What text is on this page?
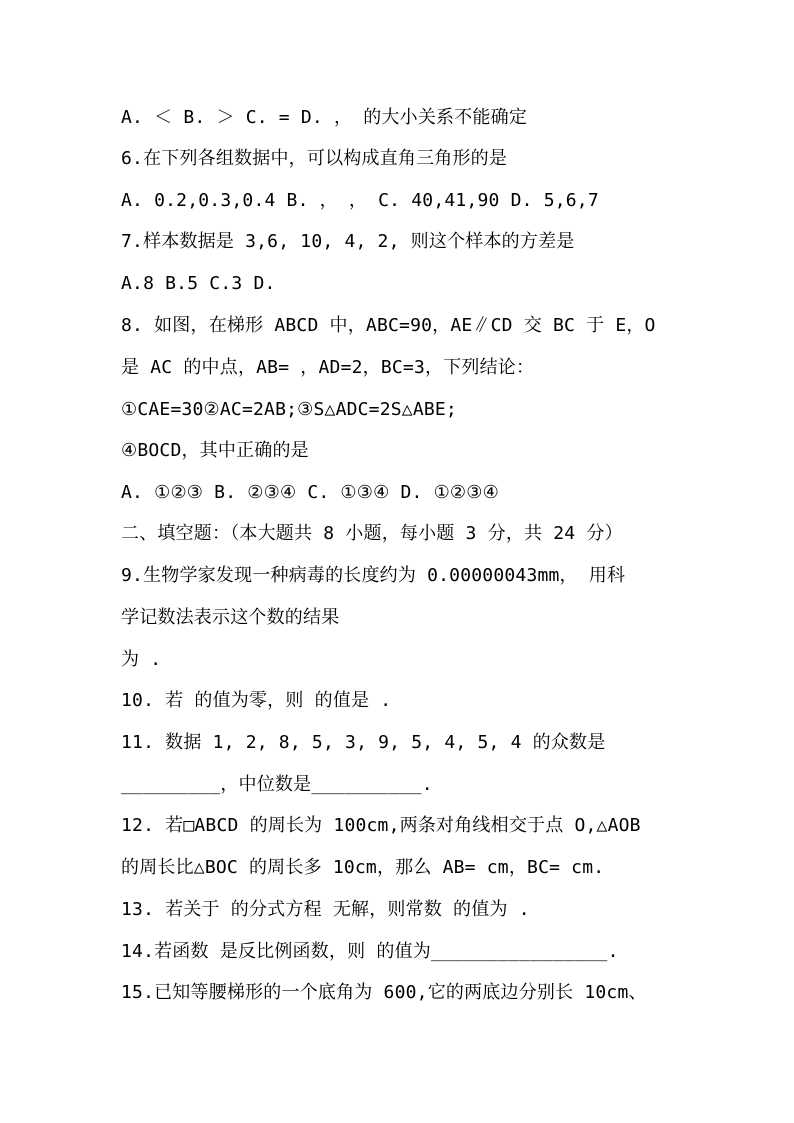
A. ＜ B. ＞ C. = D. ， 的大小关系不能确定
6.在下列各组数据中，可以构成直角三角形的是
A. 0.2,0.3,0.4 B. ， ， C. 40,41,90 D. 5,6,7
7.样本数据是 3,6, 10, 4, 2, 则这个样本的方差是
A.8 B.5 C.3 D.
8. 如图，在梯形 ABCD 中，ABC=90，AE∥CD 交 BC 于 E，O
是 AC 的中点，AB= ，AD=2，BC=3，下列结论：
①CAE=30②AC=2AB;③S△ADC=2S△ABE;
④BOCD，其中正确的是
A. ①②③ B. ②③④ C. ①③④ D. ①②③④
二、填空题：（本大题共 8 小题，每小题 3 分，共 24 分）
9.生物学家发现一种病毒的长度约为 0.00000043mm， 用科
学记数法表示这个数的结果
为 .
10. 若 的值为零，则 的值是 .
11. 数据 1, 2, 8, 5, 3, 9, 5, 4, 5, 4 的众数是
_________，中位数是__________.
12. 若□ABCD 的周长为 100cm,两条对角线相交于点 O,△AOB
的周长比△BOC 的周长多 10cm，那么 AB= cm，BC= cm.
13. 若关于 的分式方程 无解，则常数 的值为 .
14.若函数 是反比例函数，则 的值为________________.
15.已知等腰梯形的一个底角为 600,它的两底边分别长 10cm、
